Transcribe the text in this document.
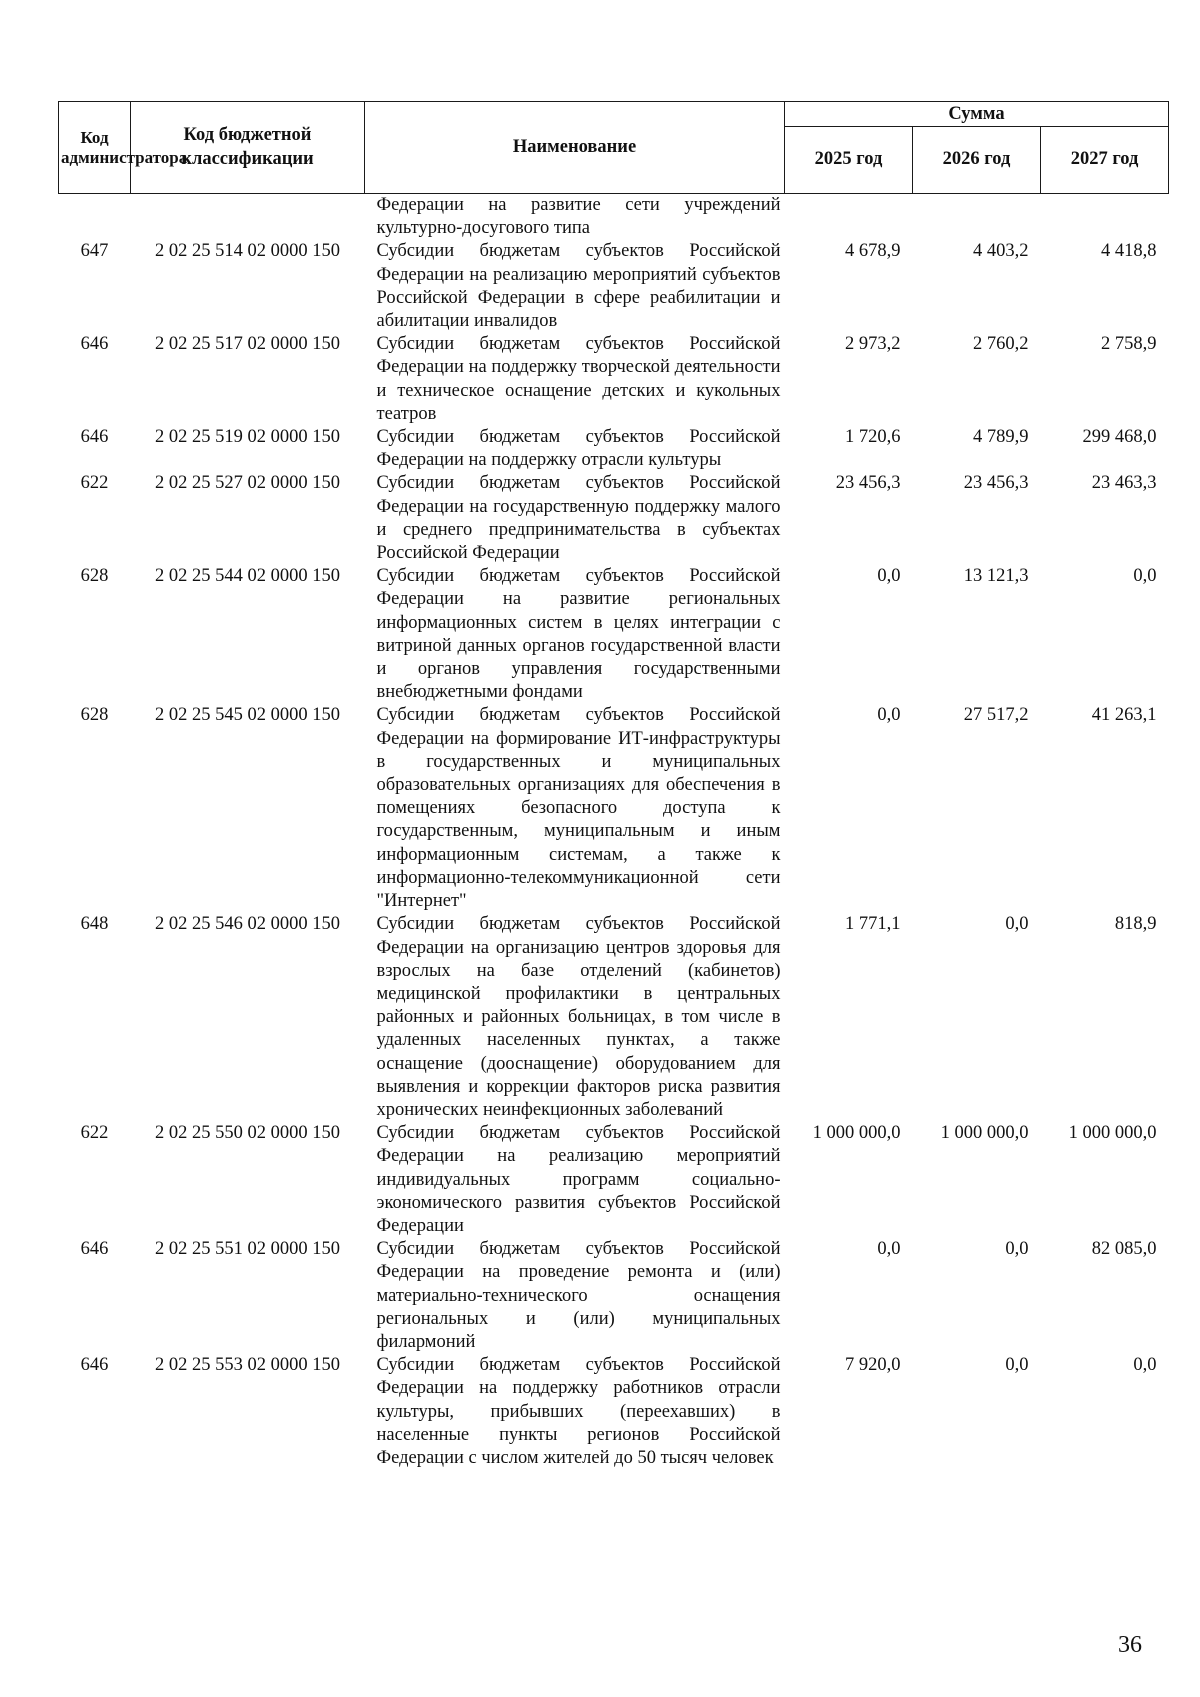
Код администратора	Код бюджетной классификации	Наименование	Сумма		
			2025 год	2026 год	2027 год
		Федерации на развитие сети учреждений культурно-досугового типа			
647	2 02 25 514 02 0000 150	Субсидии бюджетам субъектов Российской Федерации на реализацию мероприятий субъектов Российской Федерации в сфере реабилитации и абилитации инвалидов	4 678,9	4 403,2	4 418,8
646	2 02 25 517 02 0000 150	Субсидии бюджетам субъектов Российской Федерации на поддержку творческой деятельности и техническое оснащение детских и кукольных театров	2 973,2	2 760,2	2 758,9
646	2 02 25 519 02 0000 150	Субсидии бюджетам субъектов Российской Федерации на поддержку отрасли культуры	1 720,6	4 789,9	299 468,0
622	2 02 25 527 02 0000 150	Субсидии бюджетам субъектов Российской Федерации на государственную поддержку малого и среднего предпринимательства в субъектах Российской Федерации	23 456,3	23 456,3	23 463,3
628	2 02 25 544 02 0000 150	Субсидии бюджетам субъектов Российской Федерации на развитие региональных информационных систем в целях интеграции с витриной данных органов государственной власти и органов управления государственными внебюджетными фондами	0,0	13 121,3	0,0
628	2 02 25 545 02 0000 150	Субсидии бюджетам субъектов Российской Федерации на формирование ИТ-инфраструктуры в государственных и муниципальных образовательных организациях для обеспечения в помещениях безопасного доступа к государственным, муниципальным и иным информационным системам, а также к информационно-телекоммуникационной сети "Интернет"	0,0	27 517,2	41 263,1
648	2 02 25 546 02 0000 150	Субсидии бюджетам субъектов Российской Федерации на организацию центров здоровья для взрослых на базе отделений (кабинетов) медицинской профилактики в центральных районных и районных больницах, в том числе в удаленных населенных пунктах, а также оснащение (дооснащение) оборудованием для выявления и коррекции факторов риска развития хронических неинфекционных заболеваний	1 771,1	0,0	818,9
622	2 02 25 550 02 0000 150	Субсидии бюджетам субъектов Российской Федерации на реализацию мероприятий индивидуальных программ социально-экономического развития субъектов Российской Федерации	1 000 000,0	1 000 000,0	1 000 000,0
646	2 02 25 551 02 0000 150	Субсидии бюджетам субъектов Российской Федерации на проведение ремонта и (или) материально-технического оснащения региональных и (или) муниципальных филармоний	0,0	0,0	82 085,0
646	2 02 25 553 02 0000 150	Субсидии бюджетам субъектов Российской Федерации на поддержку работников отрасли культуры, прибывших (переехавших) в населенные пункты регионов Российской Федерации с числом жителей до 50 тысяч человек	7 920,0	0,0	0,0
36
